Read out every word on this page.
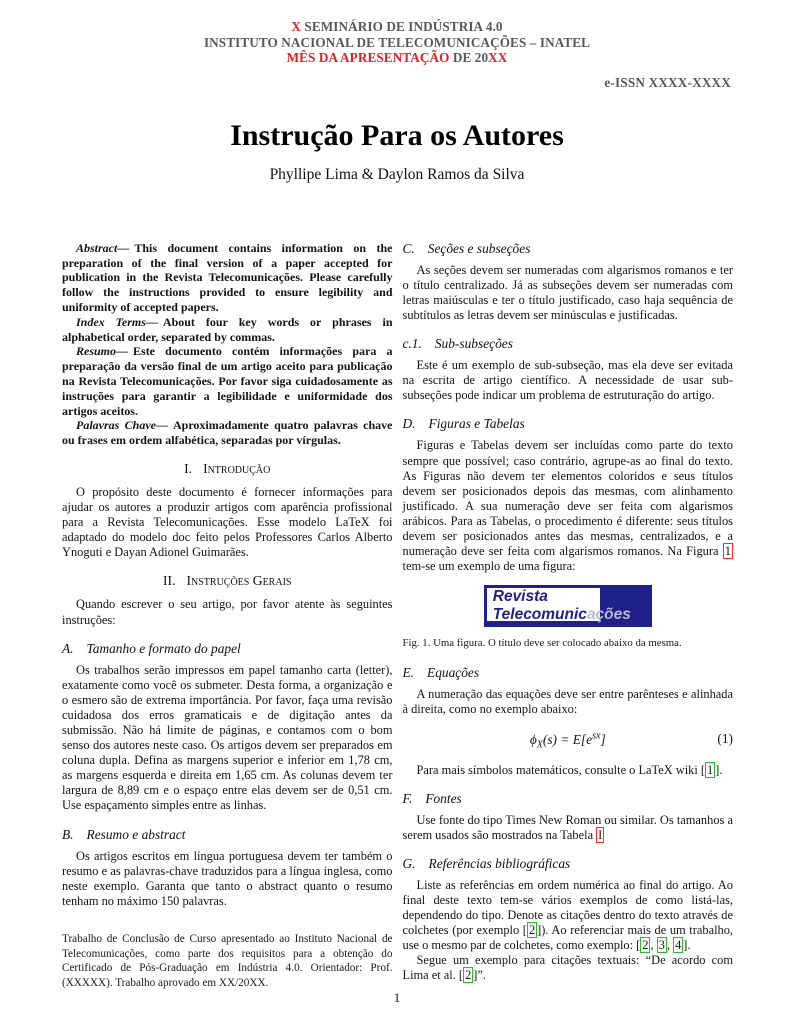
X SEMINÁRIO DE INDÚSTRIA 4.0
INSTITUTO NACIONAL DE TELECOMUNICAÇÕES – INATEL
MÊS DA APRESENTAÇÃO DE 20XX
e-ISSN XXXX-XXXX
Instrução Para os Autores
Phyllipe Lima & Daylon Ramos da Silva

Abstract— This document contains information on the preparation of the final version of a paper accepted for publication in the Revista Telecomunicações. Please carefully follow the instructions provided to ensure legibility and uniformity of accepted papers.

Index Terms— About four key words or phrases in alphabetical order, separated by commas.

Resumo— Este documento contém informações para a preparação da versão final de um artigo aceito para publicação na Revista Telecomunicações. Por favor siga cuidadosamente as instruções para garantir a legibilidade e uniformidade dos artigos aceitos.

Palavras Chave— Aproximadamente quatro palavras chave ou frases em ordem alfabética, separadas por vírgulas.

I. Introdução

O propósito deste documento é fornecer informações para ajudar os autores a produzir artigos com aparência profissional para a Revista Telecomunicações. Esse modelo LaTeX foi adaptado do modelo doc feito pelos Professores Carlos Alberto Ynoguti e Dayan Adionel Guimarães.

II. Instruções Gerais

Quando escrever o seu artigo, por favor atente às seguintes instruções:

A. Tamanho e formato do papel

Os trabalhos serão impressos em papel tamanho carta (letter), exatamente como você os submeter. Desta forma, a organização e o esmero são de extrema importância. Por favor, faça uma revisão cuidadosa dos erros gramaticais e de digitação antes da submissão. Não há limite de páginas, e contamos com o bom senso dos autores neste caso. Os artigos devem ser preparados em coluna dupla. Defina as margens superior e inferior em 1,78 cm, as margens esquerda e direita em 1,65 cm. As colunas devem ter largura de 8,89 cm e o espaço entre elas devem ser de 0,51 cm. Use espaçamento simples entre as linhas.

B. Resumo e abstract

Os artigos escritos em língua portuguesa devem ter também o resumo e as palavras-chave traduzidos para a língua inglesa, como neste exemplo. Garanta que tanto o abstract quanto o resumo tenham no máximo 150 palavras.

Trabalho de Conclusão de Curso apresentado ao Instituto Nacional de Telecomunicações, como parte dos requisitos para a obtenção do Certificado de Pós-Graduação em Indústria 4.0. Orientador: Prof. (XXXXX). Trabalho aprovado em XX/20XX.
C. Seções e subseções

As seções devem ser numeradas com algarismos romanos e ter o título centralizado. Já as subseções devem ser numeradas com letras maiúsculas e ter o título justificado, caso haja sequência de subtítulos as letras devem ser minúsculas e justificadas.

c.1. Sub-subseções

Este é um exemplo de sub-subseção, mas ela deve ser evitada na escrita de artigo científico. A necessidade de usar sub-subseções pode indicar um problema de estruturação do artigo.

D. Figuras e Tabelas

Figuras e Tabelas devem ser incluídas como parte do texto sempre que possível; caso contrário, agrupe-as ao final do texto. As Figuras não devem ter elementos coloridos e seus títulos devem ser posicionados depois das mesmas, com alinhamento justificado. A sua numeração deve ser feita com algarismos arábicos. Para as Tabelas, o procedimento é diferente: seus títulos devem ser posicionados antes das mesmas, centralizados, e a numeração deve ser feita com algarismos romanos. Na Figura 1 tem-se um exemplo de uma figura:

Revista
Telecomunicações
Fig. 1. Uma figura. O título deve ser colocado abaixo da mesma.
E. Equações

A numeração das equações deve ser entre parênteses e alinhada à direita, como no exemplo abaixo:

$\phi_X(s) = E[e^{sx}]$	(1)

Para mais símbolos matemáticos, consulte o LaTeX wiki [ 1 ].

F. Fontes

Use fonte do tipo Times New Roman ou similar. Os tamanhos a serem usados são mostrados na Tabela I

G. Referências bibliográficas

Liste as referências em ordem numérica ao final do artigo. Ao final deste texto tem-se vários exemplos de como listá-las, dependendo do tipo. Denote as citações dentro do texto através de colchetes (por exemplo [ 2 ]). Ao referenciar mais de um trabalho, use o mesmo par de colchetes, como exemplo: [ 2 , 3 , 4 ].

Segue um exemplo para citações textuais: “De acordo com Lima et al. [ 2 ]”.

1
